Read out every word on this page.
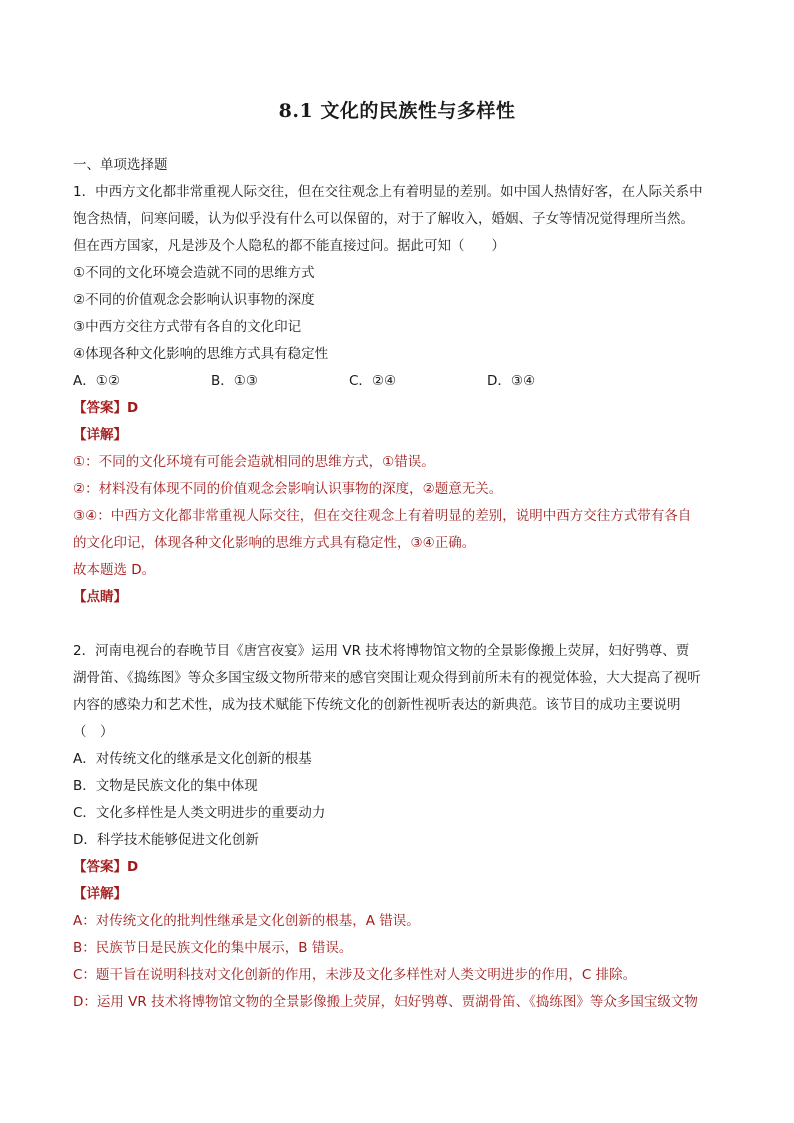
8.1 文化的民族性与多样性
一、单项选择题
1．中西方文化都非常重视人际交往，但在交往观念上有着明显的差别。如中国人热情好客，在人际关系中
饱含热情，问寒问暖，认为似乎没有什么可以保留的，对于了解收入，婚姻、子女等情况觉得理所当然。
但在西方国家，凡是涉及个人隐私的都不能直接过问。据此可知（　　）
①不同的文化环境会造就不同的思维方式
②不同的价值观念会影响认识事物的深度
③中西方交往方式带有各自的文化印记
④体现各种文化影响的思维方式具有稳定性
A．①②	B．①③	C．②④	D．③④
【答案】D
【详解】
①：不同的文化环境有可能会造就相同的思维方式，①错误。
②：材料没有体现不同的价值观念会影响认识事物的深度，②题意无关。
③④：中西方文化都非常重视人际交往，但在交往观念上有着明显的差别，说明中西方交往方式带有各自
的文化印记，体现各种文化影响的思维方式具有稳定性，③④正确。
故本题选 D。
【点睛】
2．河南电视台的春晚节目《唐宫夜宴》运用 VR 技术将博物馆文物的全景影像搬上荧屏，妇好鸮尊、贾
湖骨笛、《捣练图》等众多国宝级文物所带来的感官突围让观众得到前所未有的视觉体验，大大提高了视听
内容的感染力和艺术性，成为技术赋能下传统文化的创新性视听表达的新典范。该节目的成功主要说明
（　）
A．对传统文化的继承是文化创新的根基
B．文物是民族文化的集中体现
C．文化多样性是人类文明进步的重要动力
D．科学技术能够促进文化创新
【答案】D
【详解】
A：对传统文化的批判性继承是文化创新的根基，A 错误。
B：民族节日是民族文化的集中展示，B 错误。
C：题干旨在说明科技对文化创新的作用，未涉及文化多样性对人类文明进步的作用，C 排除。
D：运用 VR 技术将博物馆文物的全景影像搬上荧屏，妇好鸮尊、贾湖骨笛、《捣练图》等众多国宝级文物
